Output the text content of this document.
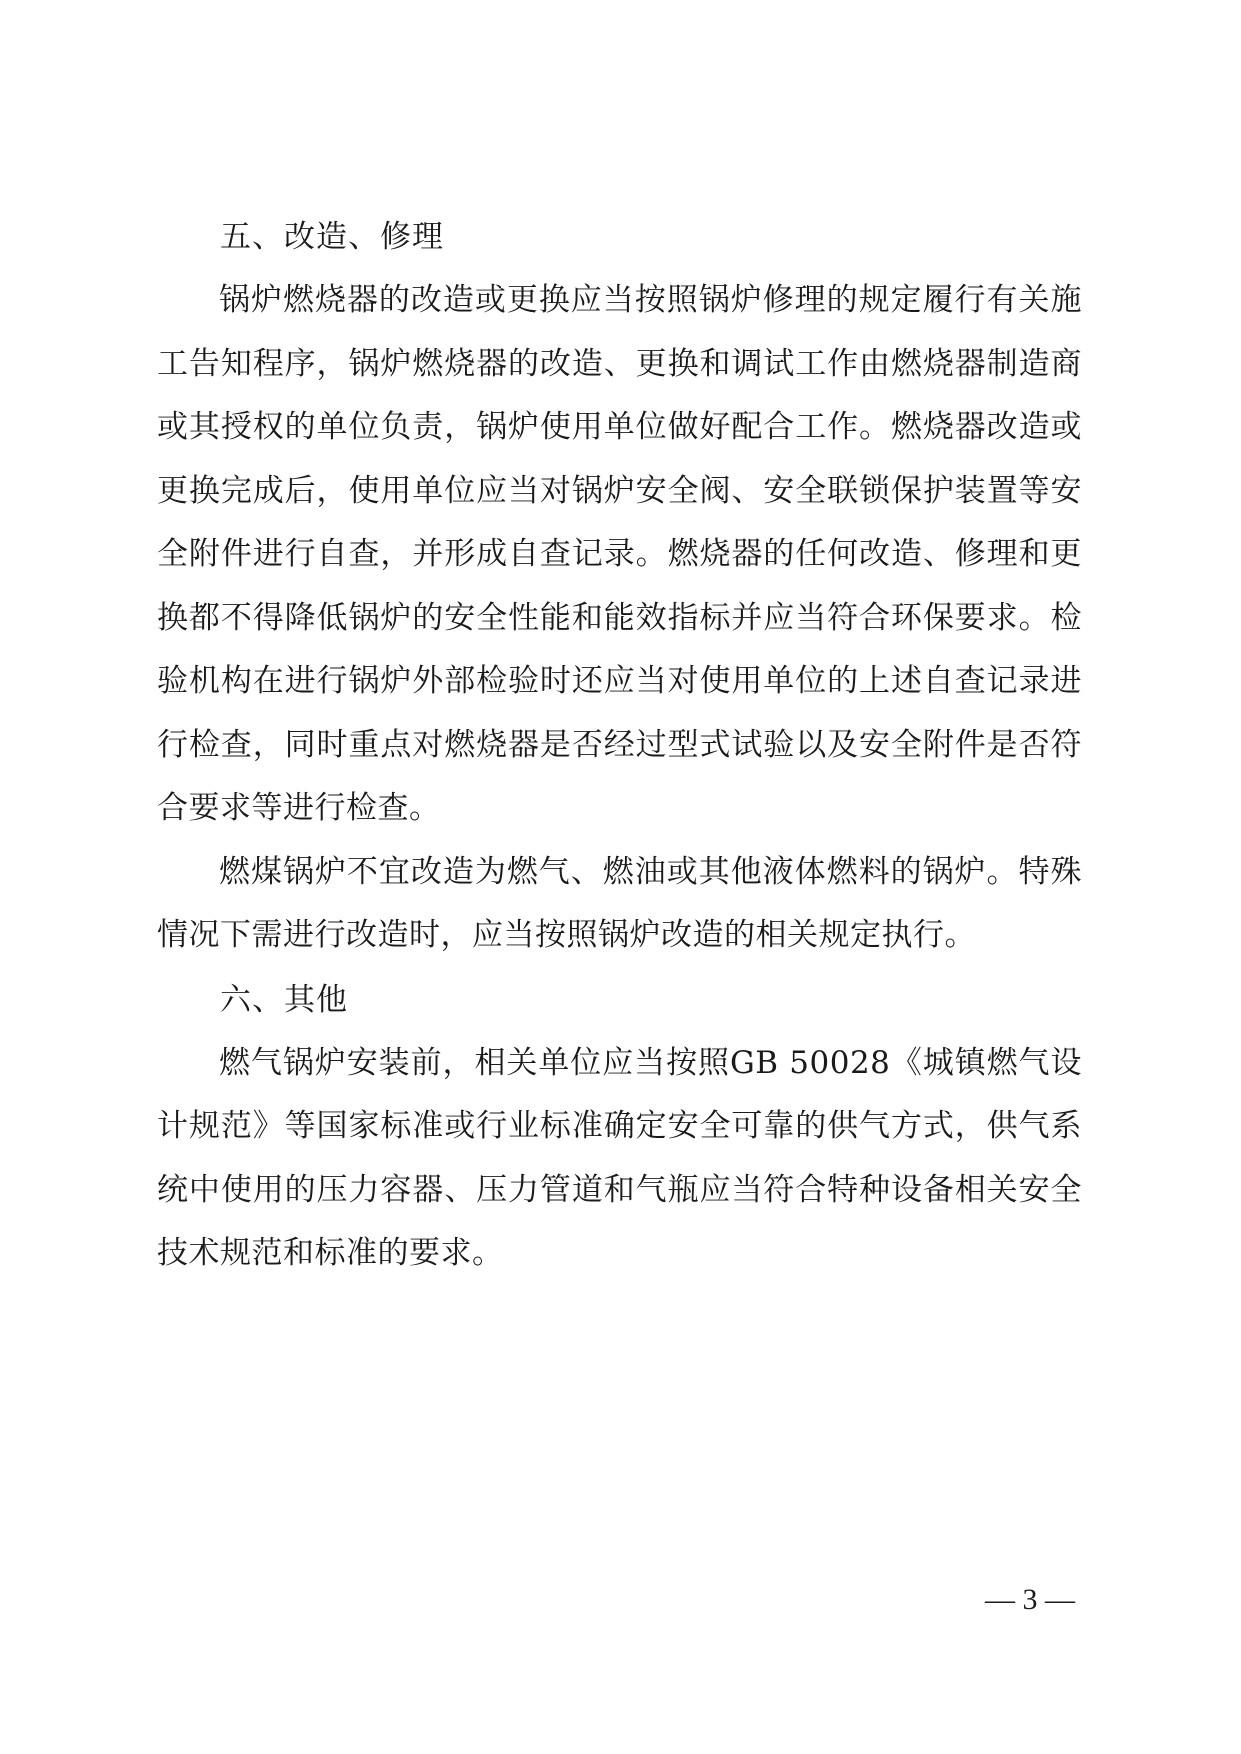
五、改造、修理

锅炉燃烧器的改造或更换应当按照锅炉修理的规定履行有关施工告知程序，锅炉燃烧器的改造、更换和调试工作由燃烧器制造商或其授权的单位负责，锅炉使用单位做好配合工作。燃烧器改造或更换完成后，使用单位应当对锅炉安全阀、安全联锁保护装置等安全附件进行自查，并形成自查记录。燃烧器的任何改造、修理和更换都不得降低锅炉的安全性能和能效指标并应当符合环保要求。检验机构在进行锅炉外部检验时还应当对使用单位的上述自查记录进行检查，同时重点对燃烧器是否经过型式试验以及安全附件是否符合要求等进行检查。

燃煤锅炉不宜改造为燃气、燃油或其他液体燃料的锅炉。特殊情况下需进行改造时，应当按照锅炉改造的相关规定执行。

六、其他

燃气锅炉安装前，相关单位应当按照GB 50028《城镇燃气设计规范》等国家标准或行业标准确定安全可靠的供气方式，供气系统中使用的压力容器、压力管道和气瓶应当符合特种设备相关安全技术规范和标准的要求。

— 3 —
